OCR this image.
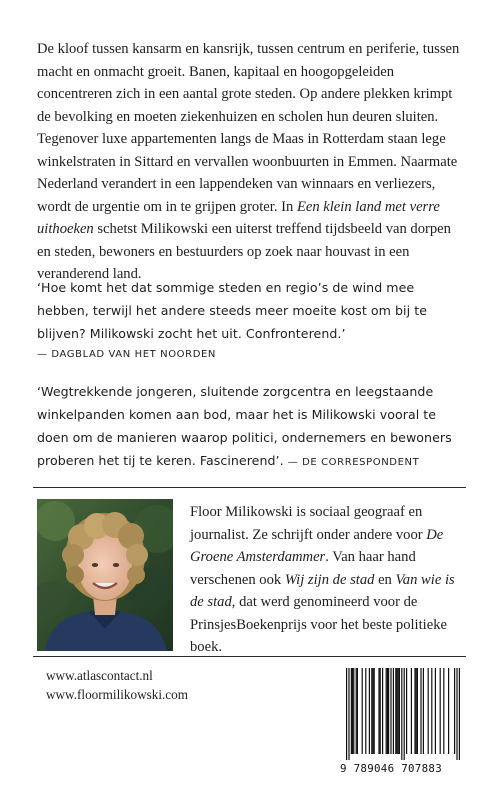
De kloof tussen kansarm en kansrijk, tussen centrum en periferie, tussen macht en onmacht groeit. Banen, kapitaal en hoogopgeleiden concentreren zich in een aantal grote steden. Op andere plekken krimpt de bevolking en moeten ziekenhuizen en scholen hun deuren sluiten. Tegenover luxe appartementen langs de Maas in Rotterdam staan lege winkelstraten in Sittard en vervallen woonbuurten in Emmen. Naarmate Nederland verandert in een lappendeken van winnaars en verliezers, wordt de urgentie om in te grijpen groter. In Een klein land met verre uithoeken schetst Milikowski een uiterst treffend tijdsbeeld van dorpen en steden, bewoners en bestuurders op zoek naar houvast in een veranderend land.

‘Hoe komt het dat sommige steden en regio’s de wind mee hebben, terwijl het andere steeds meer moeite kost om bij te blijven? Milikowski zocht het uit. Confronterend.’
— DAGBLAD VAN HET NOORDEN

‘Wegtrekkende jongeren, sluitende zorgcentra en leegstaande winkelpanden komen aan bod, maar het is Milikowski vooral te doen om de manieren waarop politici, ondernemers en bewoners proberen het tij te keren. Fascinerend’. — DE CORRESPONDENT

Floor Milikowski is sociaal geograaf en journalist. Ze schrijft onder andere voor De Groene Amsterdammer. Van haar hand verschenen ook Wij zijn de stad en Van wie is de stad, dat werd genomineerd voor de PrinsjesBoekenprijs voor het beste politieke boek.

www.atlascontact.nl
www.floormilikowski.com
9 789046 707883
